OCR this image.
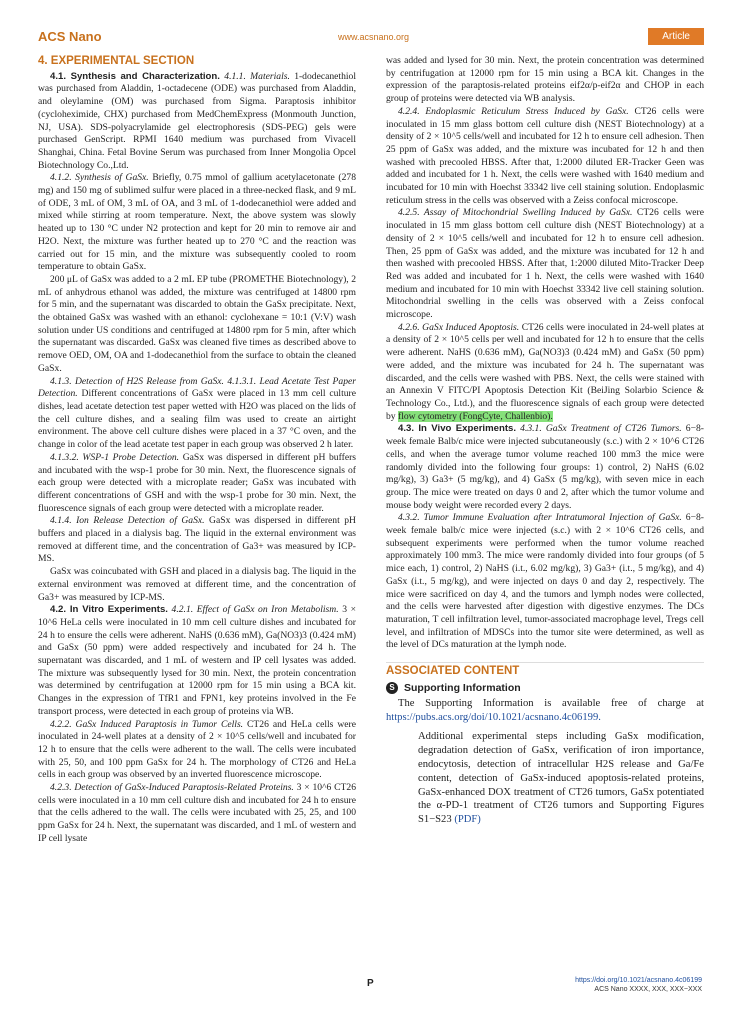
ACS Nano	www.acsnano.org	Article
4. EXPERIMENTAL SECTION

4.1. Synthesis and Characterization. 4.1.1. Materials. 1-dodecanethiol was purchased from Aladdin, 1-octadecene (ODE) was purchased from Aladdin, and oleylamine (OM) was purchased from Sigma. Paraptosis inhibitor (cycloheximide, CHX) purchased from MedChemExpress (Monmouth Junction, NJ, USA). SDS-polyacrylamide gel electrophoresis (SDS-PEG) gels were purchased GenScript. RPMI 1640 medium was purchased from Vivacell Shanghai, China. Fetal Bovine Serum was purchased from Inner Mongolia Opcel Biotechnology Co.,Ltd.

4.1.2. Synthesis of GaSx. Briefly, 0.75 mmol of gallium acetylacetonate (278 mg) and 150 mg of sublimed sulfur were placed in a three-necked flask, and 9 mL of ODE, 3 mL of OM, 3 mL of OA, and 3 mL of 1-dodecanethiol were added and mixed while stirring at room temperature. Next, the above system was slowly heated up to 130 °C under N2 protection and kept for 20 min to remove air and H2O. Next, the mixture was further heated up to 270 °C and the reaction was carried out for 15 min, and the mixture was subsequently cooled to room temperature to obtain GaSx.

200 μL of GaSx was added to a 2 mL EP tube (PROMETHE Biotechnology), 2 mL of anhydrous ethanol was added, the mixture was centrifuged at 14800 rpm for 5 min, and the supernatant was discarded to obtain the GaSx precipitate. Next, the obtained GaSx was washed with an ethanol: cyclohexane = 10:1 (V:V) wash solution under US conditions and centrifuged at 14800 rpm for 5 min, after which the supernatant was discarded. GaSx was cleaned five times as described above to remove OED, OM, OA and 1-dodecanethiol from the surface to obtain the cleaned GaSx.

4.1.3. Detection of H2S Release from GaSx. 4.1.3.1. Lead Acetate Test Paper Detection. Different concentrations of GaSx were placed in 13 mm cell culture dishes, lead acetate detection test paper wetted with H2O was placed on the lids of the cell culture dishes, and a sealing film was used to create an airtight environment. The above cell culture dishes were placed in a 37 °C oven, and the change in color of the lead acetate test paper in each group was observed 2 h later.

4.1.3.2. WSP-1 Probe Detection. GaSx was dispersed in different pH buffers and incubated with the wsp-1 probe for 30 min. Next, the fluorescence signals of each group were detected with a microplate reader; GaSx was incubated with different concentrations of GSH and with the wsp-1 probe for 30 min. Next, the fluorescence signals of each group were detected with a microplate reader.

4.1.4. Ion Release Detection of GaSx. GaSx was dispersed in different pH buffers and placed in a dialysis bag. The liquid in the external environment was removed at different time, and the concentration of Ga3+ was measured by ICP-MS.

GaSx was coincubated with GSH and placed in a dialysis bag. The liquid in the external environment was removed at different time, and the concentration of Ga3+ was measured by ICP-MS.

4.2. In Vitro Experiments. 4.2.1. Effect of GaSx on Iron Metabolism. 3 × 10^6 HeLa cells were inoculated in 10 mm cell culture dishes and incubated for 24 h to ensure the cells were adherent. NaHS (0.636 mM), Ga(NO3)3 (0.424 mM) and GaSx (50 ppm) were added respectively and incubated for 24 h. The supernatant was discarded, and 1 mL of western and IP cell lysates was added. The mixture was subsequently lysed for 30 min. Next, the protein concentration was determined by centrifugation at 12000 rpm for 15 min using a BCA kit. Changes in the expression of TfR1 and FPN1, key proteins involved in the Fe transport process, were detected in each group of proteins via WB.

4.2.2. GaSx Induced Paraptosis in Tumor Cells. CT26 and HeLa cells were inoculated in 24-well plates at a density of 2 × 10^5 cells/well and incubated for 12 h to ensure that the cells were adherent to the wall. The cells were incubated with 25, 50, and 100 ppm GaSx for 24 h. The morphology of CT26 and HeLa cells in each group was observed by an inverted fluorescence microscope.

4.2.3. Detection of GaSx-Induced Paraptosis-Related Proteins. 3 × 10^6 CT26 cells were inoculated in a 10 mm cell culture dish and incubated for 24 h to ensure that the cells adhered to the wall. The cells were incubated with 25, 25, and 100 ppm GaSx for 24 h. Next, the supernatant was discarded, and 1 mL of western and IP cell lysate

was added and lysed for 30 min. Next, the protein concentration was determined by centrifugation at 12000 rpm for 15 min using a BCA kit. Changes in the expression of the paraptosis-related proteins eif2α/p-eif2α and CHOP in each group of proteins were detected via WB analysis.

4.2.4. Endoplasmic Reticulum Stress Induced by GaSx. CT26 cells were inoculated in 15 mm glass bottom cell culture dish (NEST Biotechnology) at a density of 2 × 10^5 cells/well and incubated for 12 h to ensure cell adhesion. Then 25 ppm of GaSx was added, and the mixture was incubated for 12 h and then washed with precooled HBSS. After that, 1:2000 diluted ER-Tracker Geen was added and incubated for 1 h. Next, the cells were washed with 1640 medium and incubated for 10 min with Hoechst 33342 live cell staining solution. Endoplasmic reticulum stress in the cells was observed with a Zeiss confocal microscope.

4.2.5. Assay of Mitochondrial Swelling Induced by GaSx. CT26 cells were inoculated in 15 mm glass bottom cell culture dish (NEST Biotechnology) at a density of 2 × 10^5 cells/well and incubated for 12 h to ensure cell adhesion. Then, 25 ppm of GaSx was added, and the mixture was incubated for 12 h and then washed with precooled HBSS. After that, 1:2000 diluted Mito-Tracker Deep Red was added and incubated for 1 h. Next, the cells were washed with 1640 medium and incubated for 10 min with Hoechst 33342 live cell staining solution. Mitochondrial swelling in the cells was observed with a Zeiss confocal microscope.

4.2.6. GaSx Induced Apoptosis. CT26 cells were inoculated in 24-well plates at a density of 2 × 10^5 cells per well and incubated for 12 h to ensure that the cells were adherent. NaHS (0.636 mM), Ga(NO3)3 (0.424 mM) and GaSx (50 ppm) were added, and the mixture was incubated for 24 h. The supernatant was discarded, and the cells were washed with PBS. Next, the cells were stained with an Annexin V FITC/PI Apoptosis Detection Kit (BeiJing Solarbio Science & Technology Co., Ltd.), and the fluorescence signals of each group were detected by flow cytometry (FongCyte, Challenbio).

4.3. In Vivo Experiments. 4.3.1. GaSx Treatment of CT26 Tumors. 6−8-week female Balb/c mice were injected subcutaneously (s.c.) with 2 × 10^6 CT26 cells, and when the average tumor volume reached 100 mm3 the mice were randomly divided into the following four groups: 1) control, 2) NaHS (6.02 mg/kg), 3) Ga3+ (5 mg/kg), and 4) GaSx (5 mg/kg), with seven mice in each group. The mice were treated on days 0 and 2, after which the tumor volume and mouse body weight were recorded every 2 days.

4.3.2. Tumor Immune Evaluation after Intratumoral Injection of GaSx. 6−8-week female balb/c mice were injected (s.c.) with 2 × 10^6 CT26 cells, and subsequent experiments were performed when the tumor volume reached approximately 100 mm3. The mice were randomly divided into four groups (of 5 mice each, 1) control, 2) NaHS (i.t., 6.02 mg/kg), 3) Ga3+ (i.t., 5 mg/kg), and 4) GaSx (i.t., 5 mg/kg), and were injected on days 0 and day 2, respectively. The mice were sacrificed on day 4, and the tumors and lymph nodes were collected, and the cells were harvested after digestion with digestive enzymes. The DCs maturation, T cell infiltration level, tumor-associated macrophage level, Tregs cell level, and infiltration of MDSCs into the tumor site were determined, as well as the level of DCs maturation at the lymph node.

ASSOCIATED CONTENT
S Supporting Information

The Supporting Information is available free of charge at https://pubs.acs.org/doi/10.1021/acsnano.4c06199.

Additional experimental steps including GaSx modification, degradation detection of GaSx, verification of iron importance, endocytosis, detection of intracellular H2S release and Ga/Fe content, detection of GaSx-induced apoptosis-related proteins, GaSx-enhanced DOX treatment of CT26 tumors, GaSx potentiated the α-PD-1 treatment of CT26 tumors and Supporting Figures S1−S23 (PDF)
P	https://doi.org/10.1021/acsnano.4c06199
ACS Nano XXXX, XXX, XXX−XXX
